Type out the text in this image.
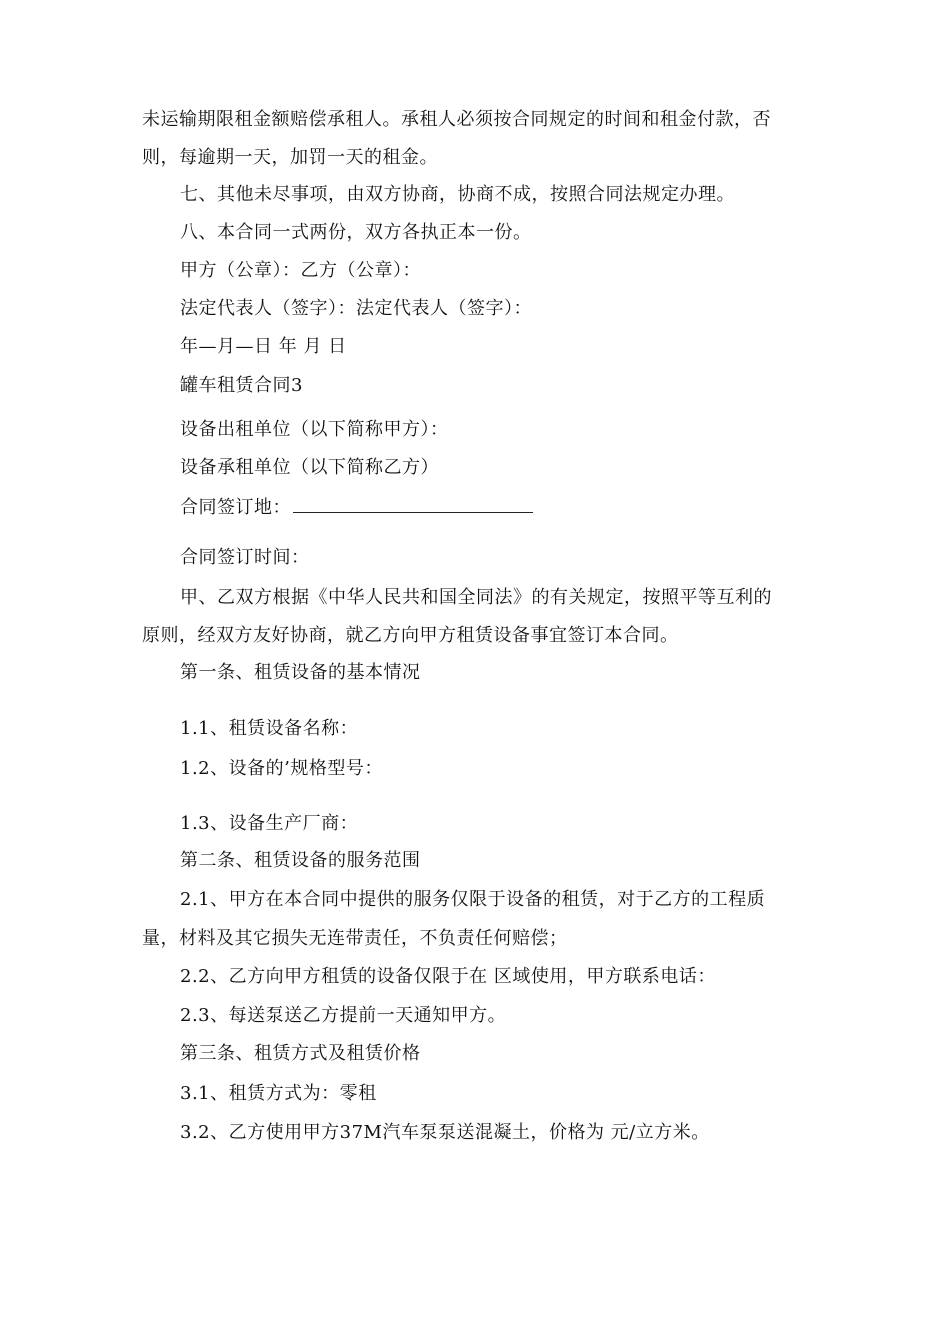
未运输期限租金额赔偿承租人。承租人必须按合同规定的时间和租金付款，否
则，每逾期一天，加罚一天的租金。
七、其他未尽事项，由双方协商，协商不成，按照合同法规定办理。
八、本合同一式两份，双方各执正本一份。
甲方（公章）：乙方（公章）：
法定代表人（签字）：法定代表人（签字）：
年—月—日 年 月 日
罐车租赁合同3
设备出租单位（以下简称甲方）：
设备承租单位（以下简称乙方）
合同签订地：
合同签订时间：
甲、乙双方根据《中华人民共和国全同法》的有关规定，按照平等互利的
原则，经双方友好协商，就乙方向甲方租赁设备事宜签订本合同。
第一条、租赁设备的基本情况
1.1、租赁设备名称：
1.2、设备的’规格型号：
1.3、设备生产厂商：
第二条、租赁设备的服务范围
2.1、甲方在本合同中提供的服务仅限于设备的租赁，对于乙方的工程质
量，材料及其它损失无连带责任，不负责任何赔偿；
2.2、乙方向甲方租赁的设备仅限于在 区域使用，甲方联系电话：
2.3、每送泵送乙方提前一天通知甲方。
第三条、租赁方式及租赁价格
3.1、租赁方式为：零租
3.2、乙方使用甲方37M汽车泵泵送混凝土，价格为 元/立方米。
